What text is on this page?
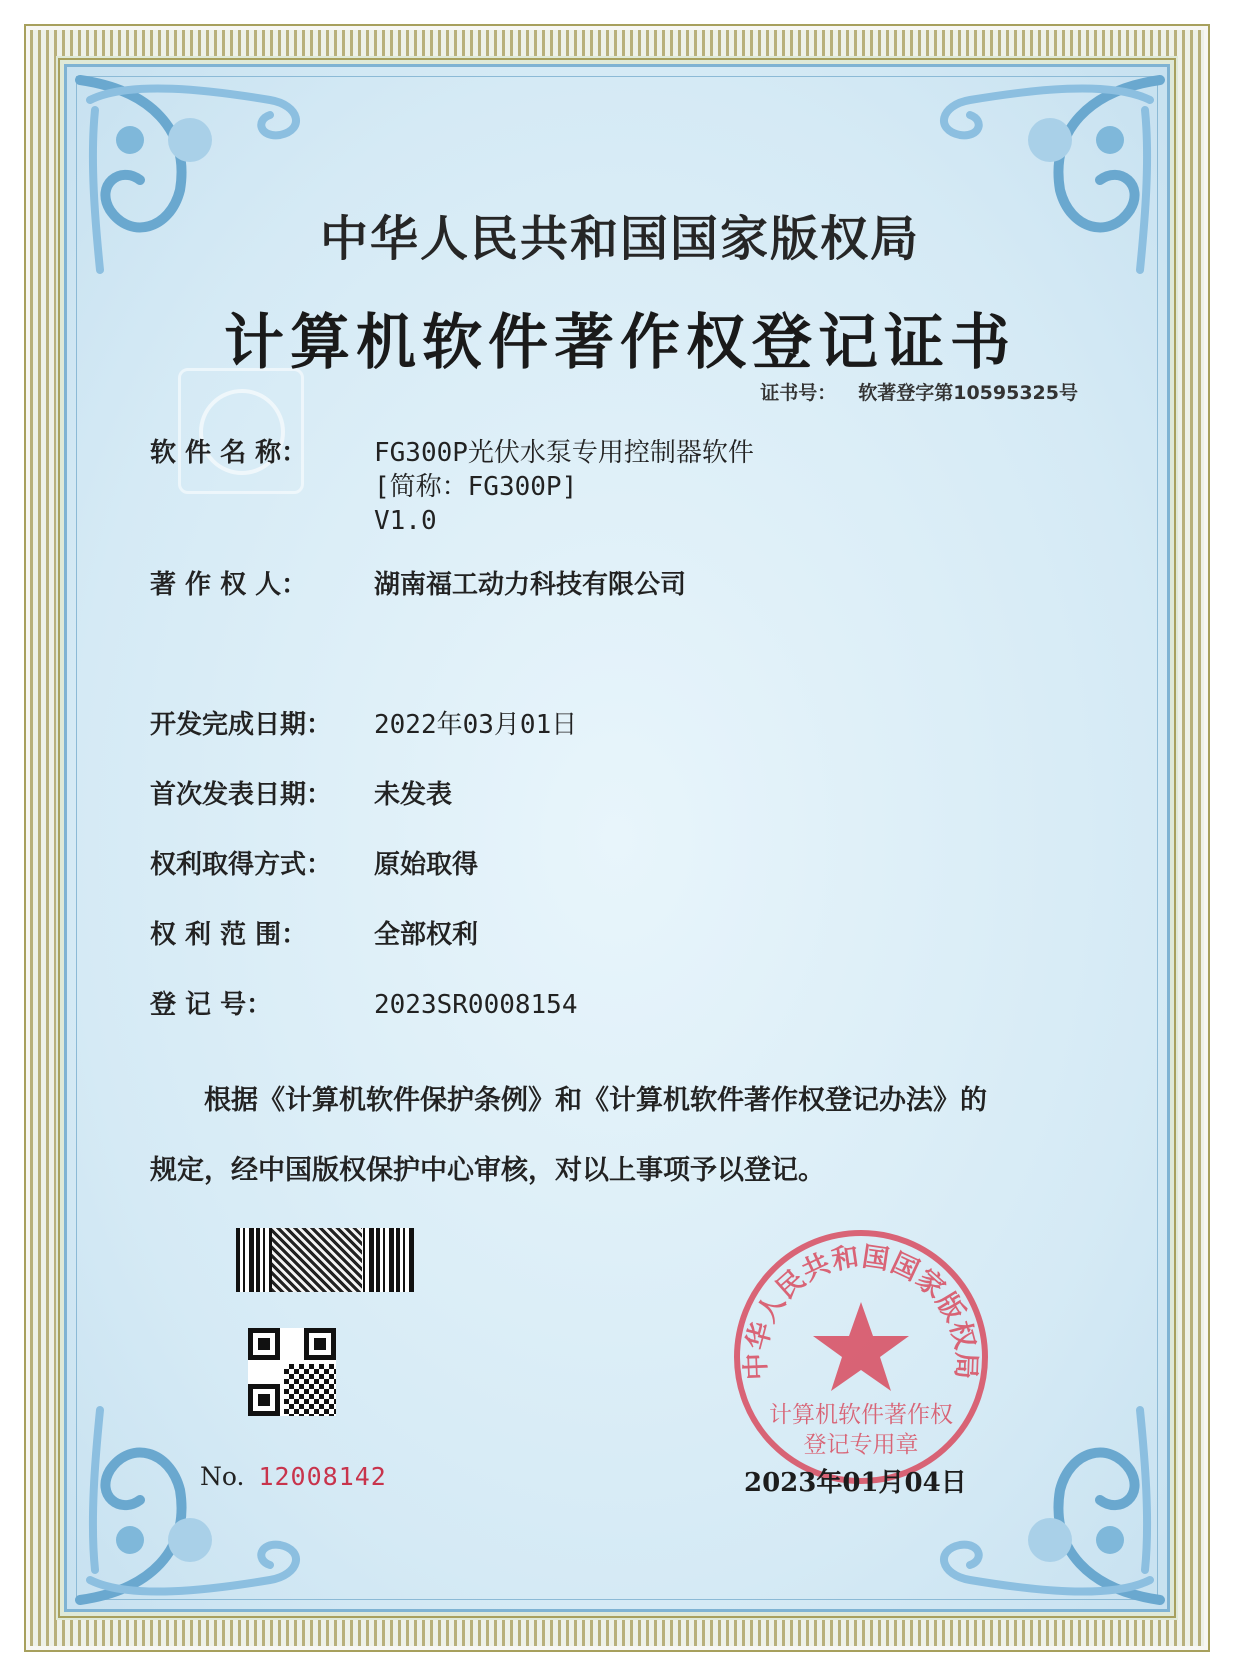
中华人民共和国国家版权局
计算机软件著作权登记证书
证书号： 软著登字第10595325号
软 件 名 称：	FG300P光伏水泵专用控制器软件
[简称：FG300P]
V1.0
著 作 权 人：	湖南福工动力科技有限公司
开发完成日期：	2022年03月01日
首次发表日期：	未发表
权利取得方式：	原始取得
权 利 范 围：	全部权利
登 记 号：	2023SR0008154
根据《计算机软件保护条例》和《计算机软件著作权登记办法》的
规定，经中国版权保护中心审核，对以上事项予以登记。
No. 12008142
中华人民共和国国家版权局
计算机软件著作权
登记专用章
2023年01月04日
